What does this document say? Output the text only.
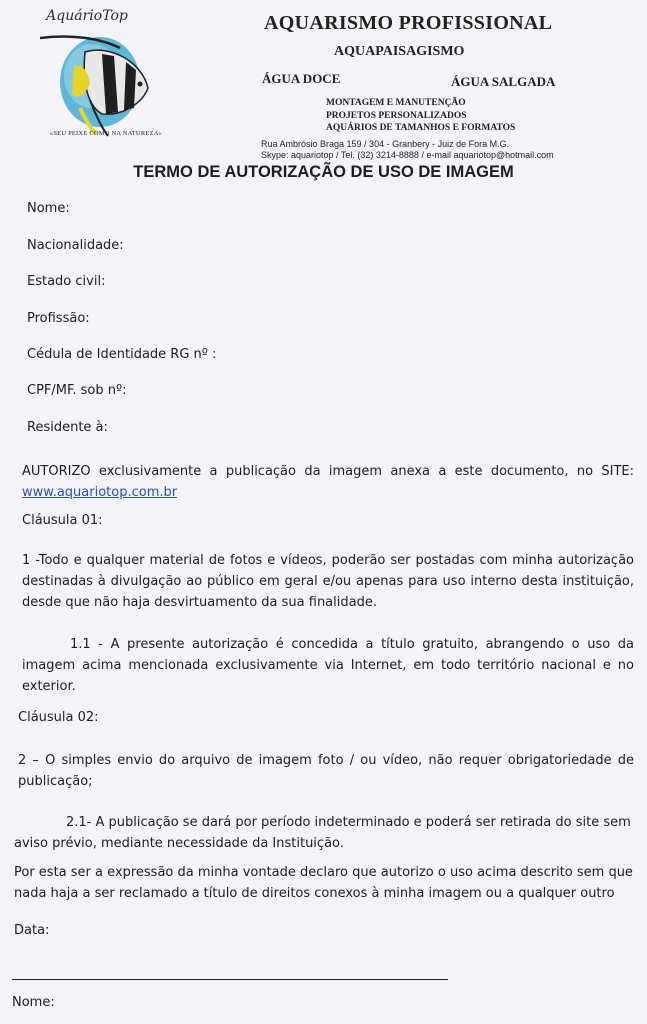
AquárioTop
«SEU PEIXE COMO NA NATUREZA»
AQUARISMO PROFISSIONAL
AQUAPAISAGISMO
ÁGUA DOCE	ÁGUA SALGADA
MONTAGEM E MANUTENÇÃO
PROJETOS PERSONALIZADOS
AQUÁRIOS DE TAMANHOS E FORMATOS
Rua Ambrósio Braga 159 / 304 - Granbery - Juiz de Fora M.G.
Skype: aquariotop / Tel. (32) 3214-8888 / e-mail aquariotop@hotmail.com
TERMO DE AUTORIZAÇÃO DE USO DE IMAGEM
Nome:
Nacionalidade:
Estado civil:
Profissão:
Cédula de Identidade RG nº :
CPF/MF. sob nº:
Residente à:
AUTORIZO exclusivamente a publicação da imagem anexa a este documento, no SITE:
www.aquariotop.com.br
Cláusula 01:
1 -Todo e qualquer material de fotos e vídeos, poderão ser postadas com minha autorização
destinadas à divulgação ao público em geral e/ou apenas para uso interno desta instituição,
desde que não haja desvirtuamento da sua finalidade.
1.1 - A presente autorização é concedida a título gratuito, abrangendo o uso da
imagem acima mencionada exclusivamente via Internet, em todo território nacional e no
exterior.
Cláusula 02:
2 – O simples envio do arquivo de imagem foto / ou vídeo, não requer obrigatoriedade de
publicação;
2.1- A publicação se dará por período indeterminado e poderá ser retirada do site sem
aviso prévio, mediante necessidade da Instituição.
Por esta ser a expressão da minha vontade declaro que autorizo o uso acima descrito sem que
nada haja a ser reclamado a título de direitos conexos à minha imagem ou a qualquer outro
Data:
Nome:
